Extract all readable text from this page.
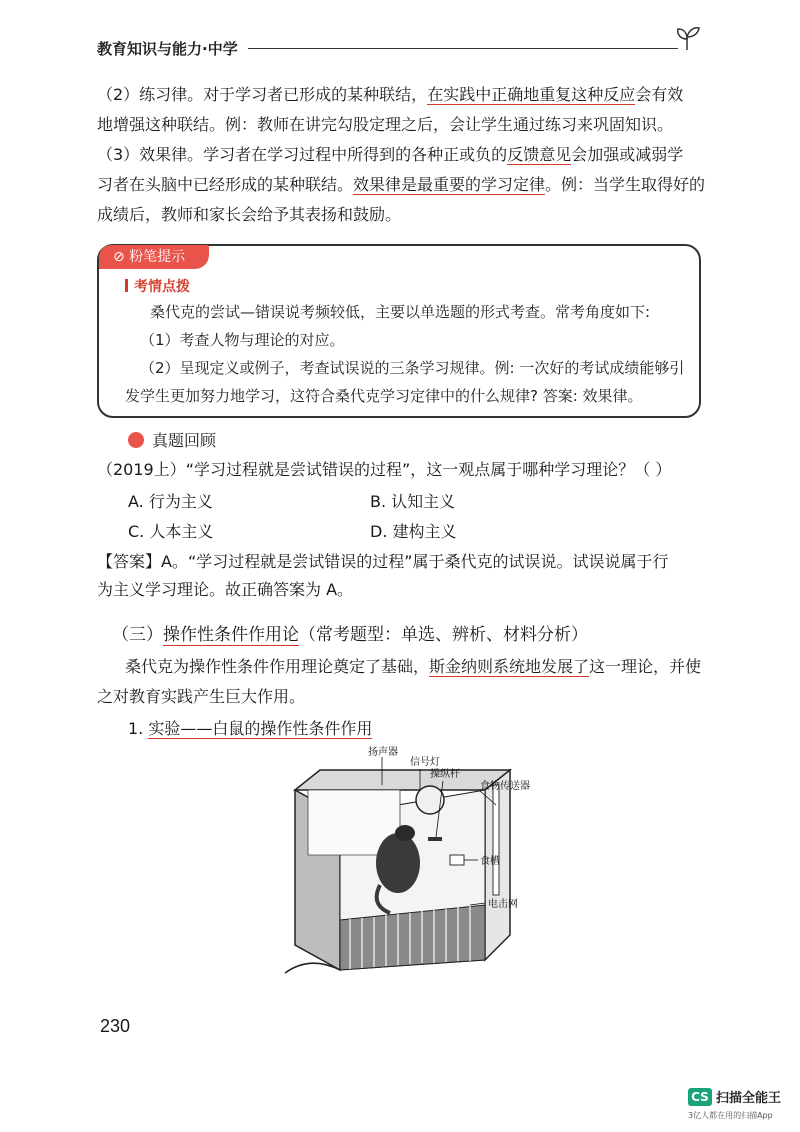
教育知识与能力·中学
（2）练习律。对于学习者已形成的某种联结，在实践中正确地重复这种反应会有效
地增强这种联结。例：教师在讲完勾股定理之后，会让学生通过练习来巩固知识。
（3）效果律。学习者在学习过程中所得到的各种正或负的反馈意见会加强或减弱学
习者在头脑中已经形成的某种联结。效果律是最重要的学习定律。例：当学生取得好的
成绩后，教师和家长会给予其表扬和鼓励。
⊘ 粉笔提示
考情点拨
桑代克的尝试—错误说考频较低，主要以单选题的形式考查。常考角度如下:
（1）考查人物与理论的对应。
（2）呈现定义或例子，考查试误说的三条学习规律。例: 一次好的考试成绩能够引
发学生更加努力地学习，这符合桑代克学习定律中的什么规律? 答案: 效果律。
真题回顾
（2019上）“学习过程就是尝试错误的过程”，这一观点属于哪种学习理论？（ ）
A. 行为主义	B. 认知主义
C. 人本主义	D. 建构主义
【答案】A。“学习过程就是尝试错误的过程”属于桑代克的试误说。试误说属于行
为主义学习理论。故正确答案为 A。
（三）操作性条件作用论（常考题型：单选、辨析、材料分析）
桑代克为操作性条件作用理论奠定了基础，斯金纳则系统地发展了这一理论，并使
之对教育实践产生巨大作用。
1. 实验——白鼠的操作性条件作用
扬声器
信号灯
操纵杆
食物传送器
食槽
电击网
230
CS 扫描全能王
3亿人都在用的扫描App
